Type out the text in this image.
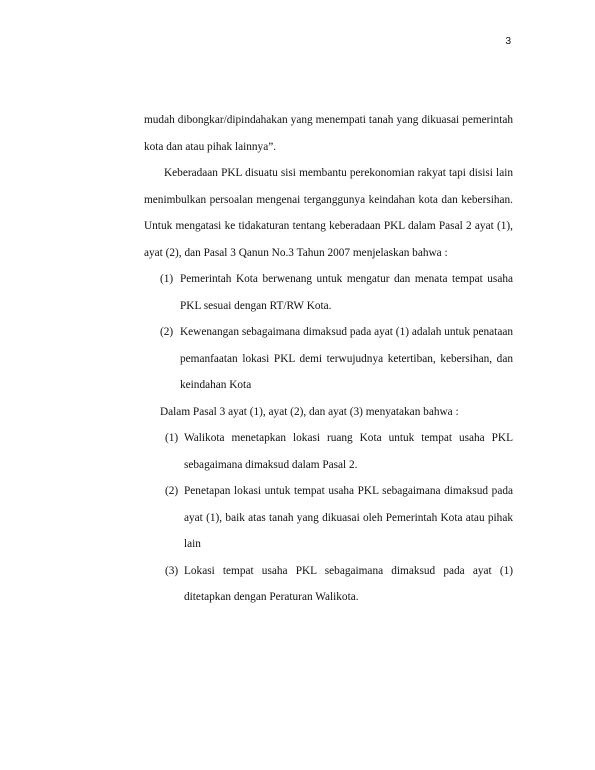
3

mudah dibongkar/dipindahakan yang menempati tanah yang dikuasai pemerintah kota dan atau pihak lainnya”.

Keberadaan PKL disuatu sisi membantu perekonomian rakyat tapi disisi lain menimbulkan persoalan mengenai terganggunya keindahan kota dan kebersihan. Untuk mengatasi ke tidakaturan tentang keberadaan PKL dalam Pasal 2 ayat (1), ayat (2), dan Pasal 3 Qanun No.3 Tahun 2007 menjelaskan bahwa :

(1) Pemerintah Kota berwenang untuk mengatur dan menata tempat usaha PKL sesuai dengan RT/RW Kota.
(2) Kewenangan sebagaimana dimaksud pada ayat (1) adalah untuk penataan pemanfaatan lokasi PKL demi terwujudnya ketertiban, kebersihan, dan keindahan Kota

Dalam Pasal 3 ayat (1), ayat (2), dan ayat (3) menyatakan bahwa :

(1) Walikota menetapkan lokasi ruang Kota untuk tempat usaha PKL sebagaimana dimaksud dalam Pasal 2.
(2) Penetapan lokasi untuk tempat usaha PKL sebagaimana dimaksud pada ayat (1), baik atas tanah yang dikuasai oleh Pemerintah Kota atau pihak lain
(3) Lokasi tempat usaha PKL sebagaimana dimaksud pada ayat (1) ditetapkan dengan Peraturan Walikota.
